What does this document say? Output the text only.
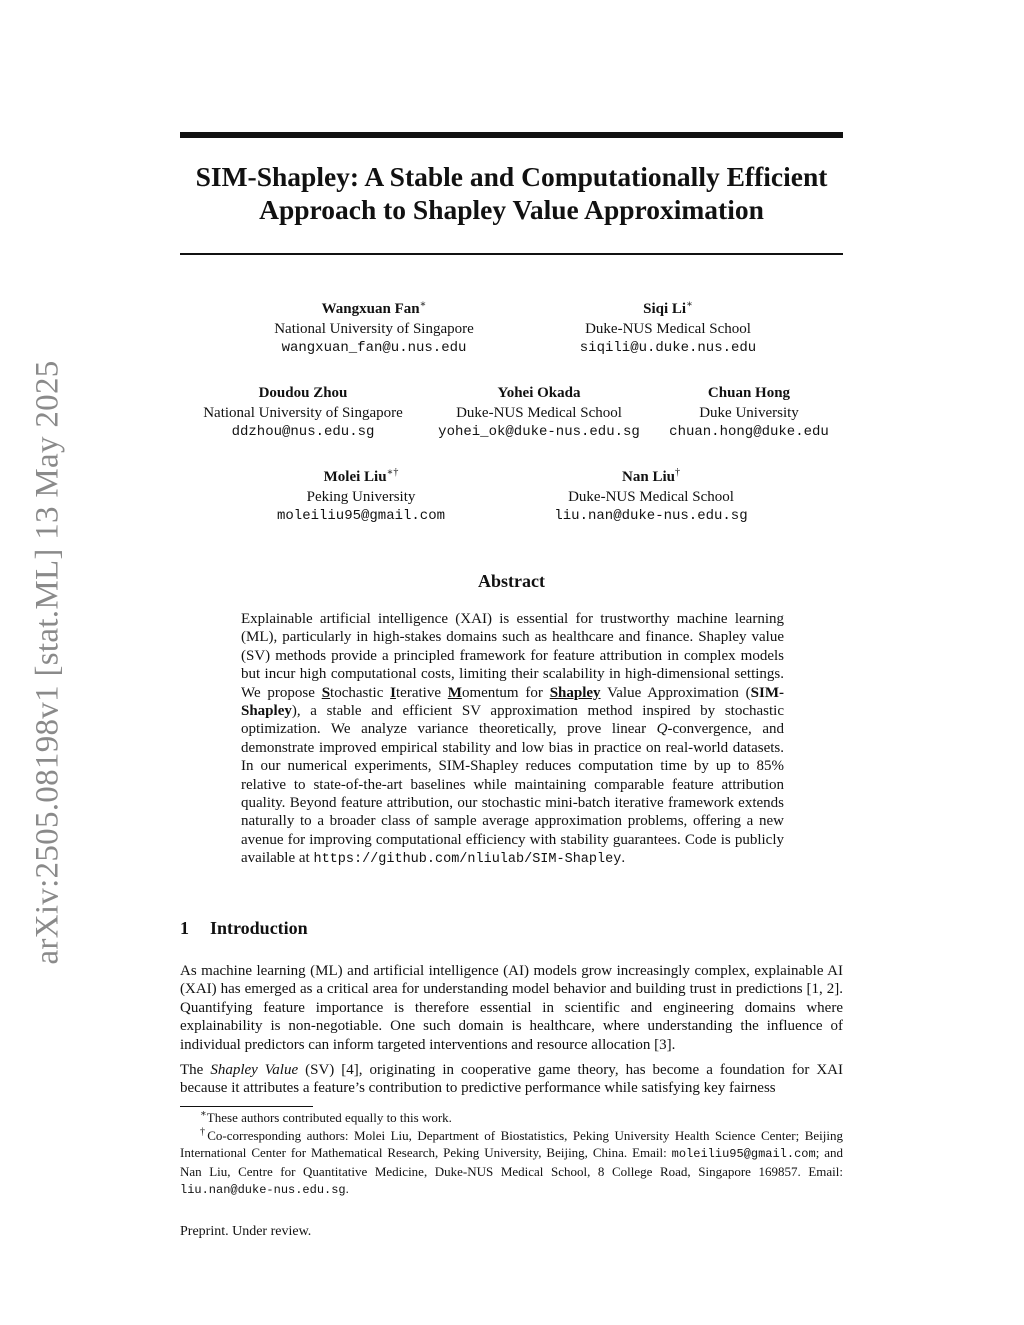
arXiv:2505.08198v1 [stat.ML] 13 May 2025
SIM-Shapley: A Stable and Computationally Efficient Approach to Shapley Value Approximation
Wangxuan Fan∗
National University of Singapore
wangxuan_fan@u.nus.edu
Siqi Li∗
Duke-NUS Medical School
siqili@u.duke.nus.edu
Doudou Zhou
National University of Singapore
ddzhou@nus.edu.sg
Yohei Okada
Duke-NUS Medical School
yohei_ok@duke-nus.edu.sg
Chuan Hong
Duke University
chuan.hong@duke.edu
Molei Liu∗†
Peking University
moleiliu95@gmail.com
Nan Liu†
Duke-NUS Medical School
liu.nan@duke-nus.edu.sg
Abstract

Explainable artificial intelligence (XAI) is essential for trustworthy machine learning (ML), particularly in high-stakes domains such as healthcare and finance. Shapley value (SV) methods provide a principled framework for feature attribution in complex models but incur high computational costs, limiting their scalability in high-dimensional settings. We propose Stochastic Iterative Momentum for Shapley Value Approximation (SIM-Shapley), a stable and efficient SV approximation method inspired by stochastic optimization. We analyze variance theoretically, prove linear Q-convergence, and demonstrate improved empirical stability and low bias in practice on real-world datasets. In our numerical experiments, SIM-Shapley reduces computation time by up to 85% relative to state-of-the-art baselines while maintaining comparable feature attribution quality. Beyond feature attribution, our stochastic mini-batch iterative framework extends naturally to a broader class of sample average approximation problems, offering a new avenue for improving computational efficiency with stability guarantees. Code is publicly available at https://github.com/nliulab/SIM-Shapley.

1 Introduction

As machine learning (ML) and artificial intelligence (AI) models grow increasingly complex, explainable AI (XAI) has emerged as a critical area for understanding model behavior and building trust in predictions [1, 2]. Quantifying feature importance is therefore essential in scientific and engineering domains where explainability is non-negotiable. One such domain is healthcare, where understanding the influence of individual predictors can inform targeted interventions and resource allocation [3].

The Shapley Value (SV) [4], originating in cooperative game theory, has become a foundation for XAI because it attributes a feature’s contribution to predictive performance while satisfying key fairness

∗These authors contributed equally to this work.

†Co-corresponding authors: Molei Liu, Department of Biostatistics, Peking University Health Science Center; Beijing International Center for Mathematical Research, Peking University, Beijing, China. Email: moleiliu95@gmail.com; and Nan Liu, Centre for Quantitative Medicine, Duke-NUS Medical School, 8 College Road, Singapore 169857. Email: liu.nan@duke-nus.edu.sg.

Preprint. Under review.
